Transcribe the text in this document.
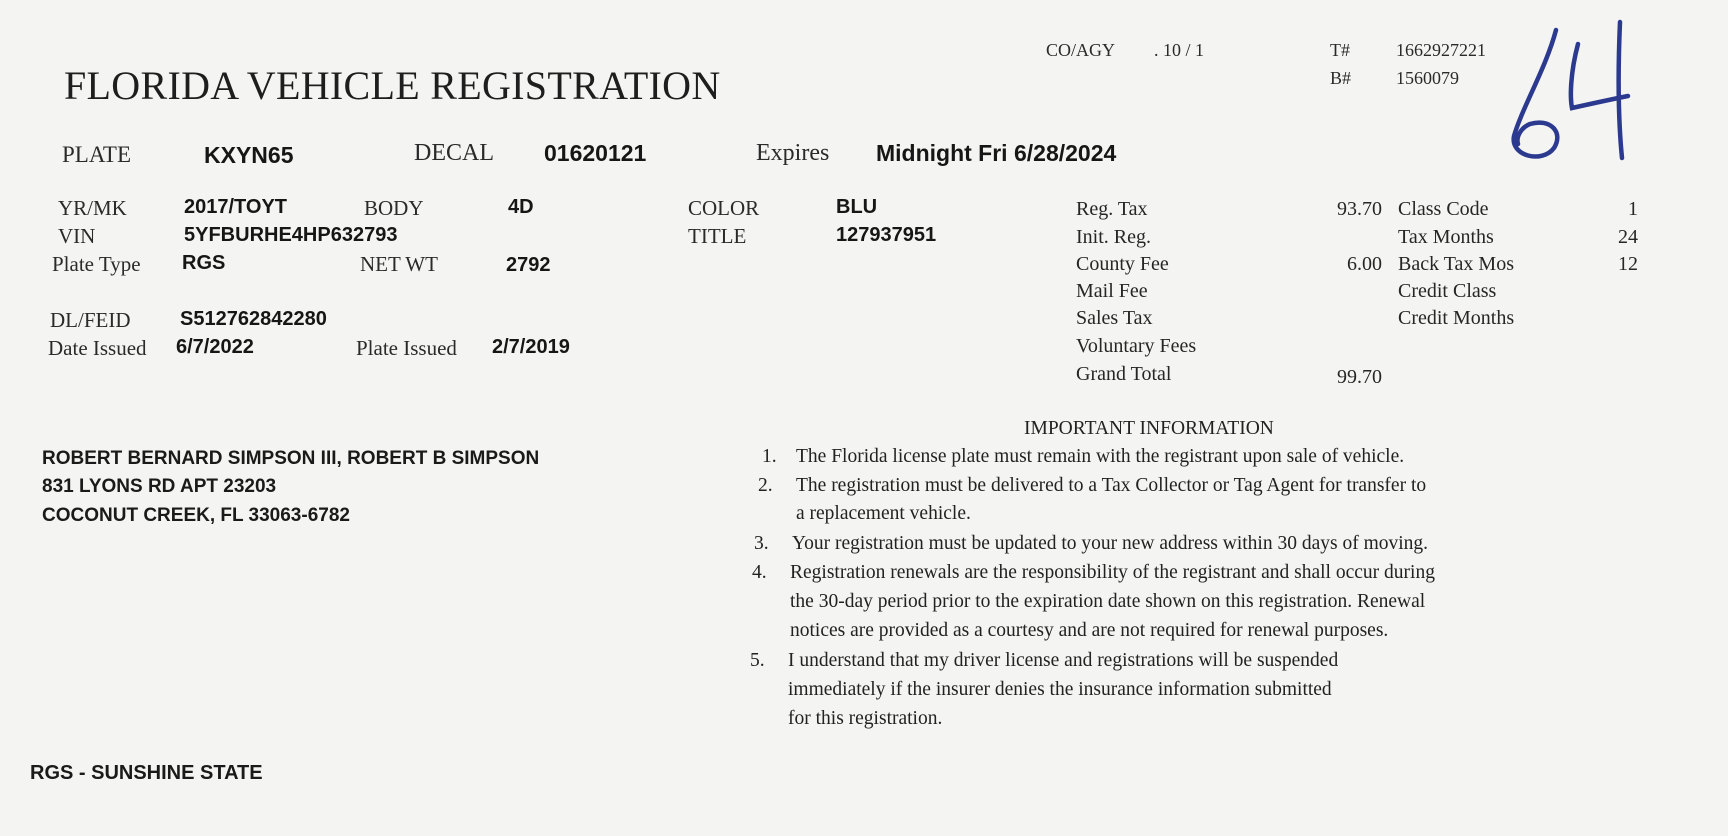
FLORIDA VEHICLE REGISTRATION
CO/AGY . 10 / 1	T#	1662927221
B# 1560079
PLATE	KXYN65	DECAL 01620121	Expires Midnight Fri 6/28/2024
YR/MK	2017/TOYT	BODY	4D	COLOR	BLU
VIN	5YFBURHE4HP632793	TITLE	127937951
Plate Type RGS	NET WT	2792
DL/FEID S512762842280
Date Issued 6/7/2022	Plate Issued 2/7/2019
Reg. Tax	93.70
Init. Reg.
County Fee	6.00
Mail Fee
Sales Tax
Voluntary Fees
Grand Total	99.70
Class Code	1
Tax Months	24
Back Tax Mos	12
Credit Class
Credit Months
ROBERT BERNARD SIMPSON III, ROBERT B SIMPSON
831 LYONS RD APT 23203
COCONUT CREEK, FL 33063-6782
IMPORTANT INFORMATION
1. The Florida license plate must remain with the registrant upon sale of vehicle.
2. The registration must be delivered to a Tax Collector or Tag Agent for transfer to
a replacement vehicle.
3. Your registration must be updated to your new address within 30 days of moving.
4. Registration renewals are the responsibility of the registrant and shall occur during
the 30-day period prior to the expiration date shown on this registration. Renewal
notices are provided as a courtesy and are not required for renewal purposes.
5. I understand that my driver license and registrations will be suspended
immediately if the insurer denies the insurance information submitted
for this registration.
RGS - SUNSHINE STATE
